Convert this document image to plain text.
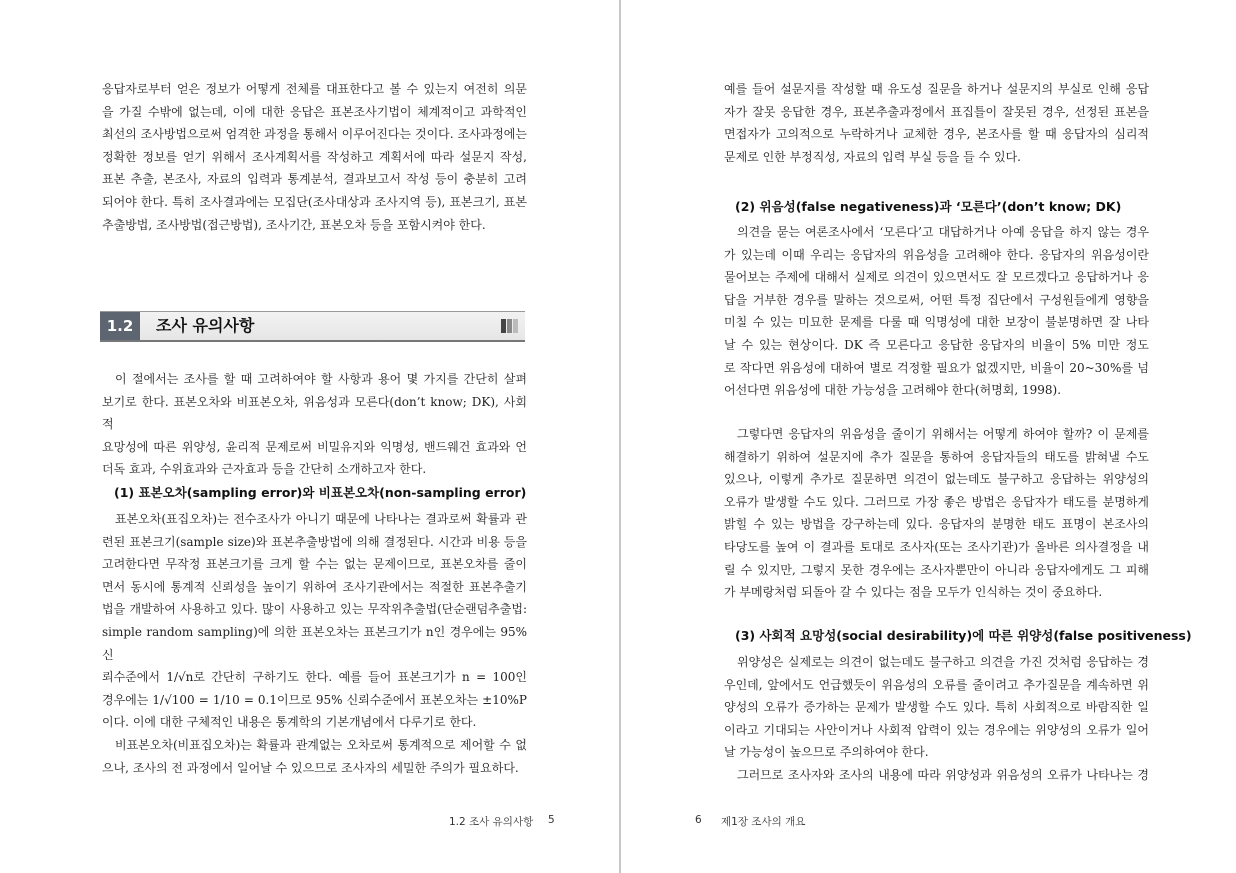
응답자로부터 얻은 정보가 어떻게 전체를 대표한다고 볼 수 있는지 여전히 의문

을 가질 수밖에 없는데, 이에 대한 응답은 표본조사기법이 체계적이고 과학적인

최선의 조사방법으로써 엄격한 과정을 통해서 이루어진다는 것이다. 조사과정에는

정확한 정보를 얻기 위해서 조사계획서를 작성하고 계획서에 따라 설문지 작성,

표본 추출, 본조사, 자료의 입력과 통계분석, 결과보고서 작성 등이 충분히 고려

되어야 한다. 특히 조사결과에는 모집단(조사대상과 조사지역 등), 표본크기, 표본

추출방법, 조사방법(접근방법), 조사기간, 표본오차 등을 포함시켜야 한다.

1.2	조사 유의사항

이 절에서는 조사를 할 때 고려하여야 할 사항과 용어 몇 가지를 간단히 살펴

보기로 한다. 표본오차와 비표본오차, 위음성과 모른다(don’t know; DK), 사회적

요망성에 따른 위양성, 윤리적 문제로써 비밀유지와 익명성, 밴드웨건 효과와 언

더독 효과, 수위효과와 근자효과 등을 간단히 소개하고자 한다.

(1) 표본오차(sampling error)와 비표본오차(non-sampling error)

표본오차(표집오차)는 전수조사가 아니기 때문에 나타나는 결과로써 확률과 관

련된 표본크기(sample size)와 표본추출방법에 의해 결정된다. 시간과 비용 등을

고려한다면 무작정 표본크기를 크게 할 수는 없는 문제이므로, 표본오차를 줄이

면서 동시에 통계적 신뢰성을 높이기 위하여 조사기관에서는 적절한 표본추출기

법을 개발하여 사용하고 있다. 많이 사용하고 있는 무작위추출법(단순랜덤추출법:

simple random sampling)에 의한 표본오차는 표본크기가 n인 경우에는 95% 신

뢰수준에서 1/√n로 간단히 구하기도 한다. 예를 들어 표본크기가 n = 100인

경우에는 1/√100 = 1/10 = 0.1이므로 95% 신뢰수준에서 표본오차는 ±10%P

이다. 이에 대한 구체적인 내용은 통계학의 기본개념에서 다루기로 한다.

비표본오차(비표집오차)는 확률과 관계없는 오차로써 통계적으로 제어할 수 없

으나, 조사의 전 과정에서 일어날 수 있으므로 조사자의 세밀한 주의가 필요하다.

1.2 조사 유의사항 5

예를 들어 설문지를 작성할 때 유도성 질문을 하거나 설문지의 부실로 인해 응답

자가 잘못 응답한 경우, 표본추출과정에서 표집틀이 잘못된 경우, 선정된 표본을

면접자가 고의적으로 누락하거나 교체한 경우, 본조사를 할 때 응답자의 심리적

문제로 인한 부정직성, 자료의 입력 부실 등을 들 수 있다.

(2) 위음성(false negativeness)과 ‘모른다’(don’t know; DK)

의견을 묻는 여론조사에서 ‘모른다’고 대답하거나 아예 응답을 하지 않는 경우

가 있는데 이때 우리는 응답자의 위음성을 고려해야 한다. 응답자의 위음성이란

물어보는 주제에 대해서 실제로 의견이 있으면서도 잘 모르겠다고 응답하거나 응

답을 거부한 경우를 말하는 것으로써, 어떤 특정 집단에서 구성원들에게 영향을

미칠 수 있는 미묘한 문제를 다룰 때 익명성에 대한 보장이 불분명하면 잘 나타

날 수 있는 현상이다. DK 즉 모른다고 응답한 응답자의 비율이 5% 미만 정도

로 작다면 위음성에 대하여 별로 걱정할 필요가 없겠지만, 비율이 20~30%를 넘

어선다면 위음성에 대한 가능성을 고려해야 한다(허명회, 1998).

그렇다면 응답자의 위음성을 줄이기 위해서는 어떻게 하여야 할까? 이 문제를

해결하기 위하여 설문지에 추가 질문을 통하여 응답자들의 태도를 밝혀낼 수도

있으나, 이렇게 추가로 질문하면 의견이 없는데도 불구하고 응답하는 위양성의

오류가 발생할 수도 있다. 그러므로 가장 좋은 방법은 응답자가 태도를 분명하게

밝힐 수 있는 방법을 강구하는데 있다. 응답자의 분명한 태도 표명이 본조사의

타당도를 높여 이 결과를 토대로 조사자(또는 조사기관)가 올바른 의사결정을 내

릴 수 있지만, 그렇지 못한 경우에는 조사자뿐만이 아니라 응답자에게도 그 피해

가 부메랑처럼 되돌아 갈 수 있다는 점을 모두가 인식하는 것이 중요하다.

(3) 사회적 요망성(social desirability)에 따른 위양성(false positiveness)

위양성은 실제로는 의견이 없는데도 불구하고 의견을 가진 것처럼 응답하는 경

우인데, 앞에서도 언급했듯이 위음성의 오류를 줄이려고 추가질문을 계속하면 위

양성의 오류가 증가하는 문제가 발생할 수도 있다. 특히 사회적으로 바람직한 일

이라고 기대되는 사안이거나 사회적 압력이 있는 경우에는 위양성의 오류가 일어

날 가능성이 높으므로 주의하여야 한다.

그러므로 조사자와 조사의 내용에 따라 위양성과 위음성의 오류가 나타나는 경

6 제1장 조사의 개요
